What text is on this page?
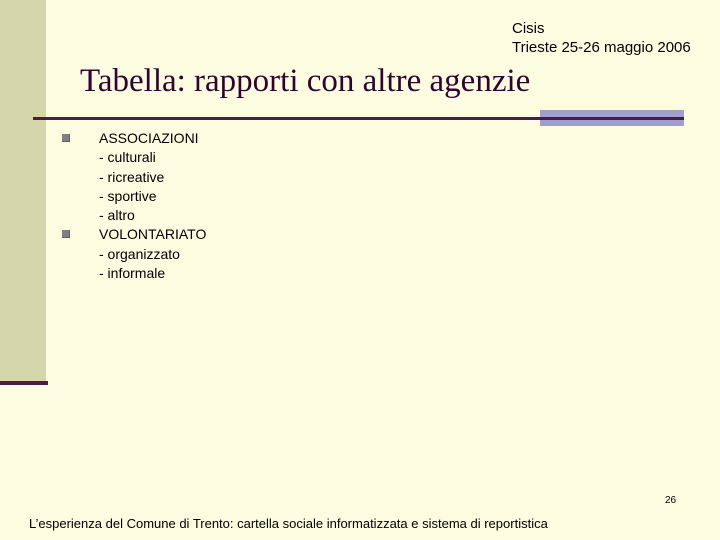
Cisis
Trieste 25-26 maggio 2006
Tabella: rapporti con altre agenzie
ASSOCIAZIONI
- culturali
- ricreative
- sportive
- altro
VOLONTARIATO
- organizzato
- informale
26
L’esperienza del Comune di Trento: cartella sociale informatizzata e sistema di reportistica
